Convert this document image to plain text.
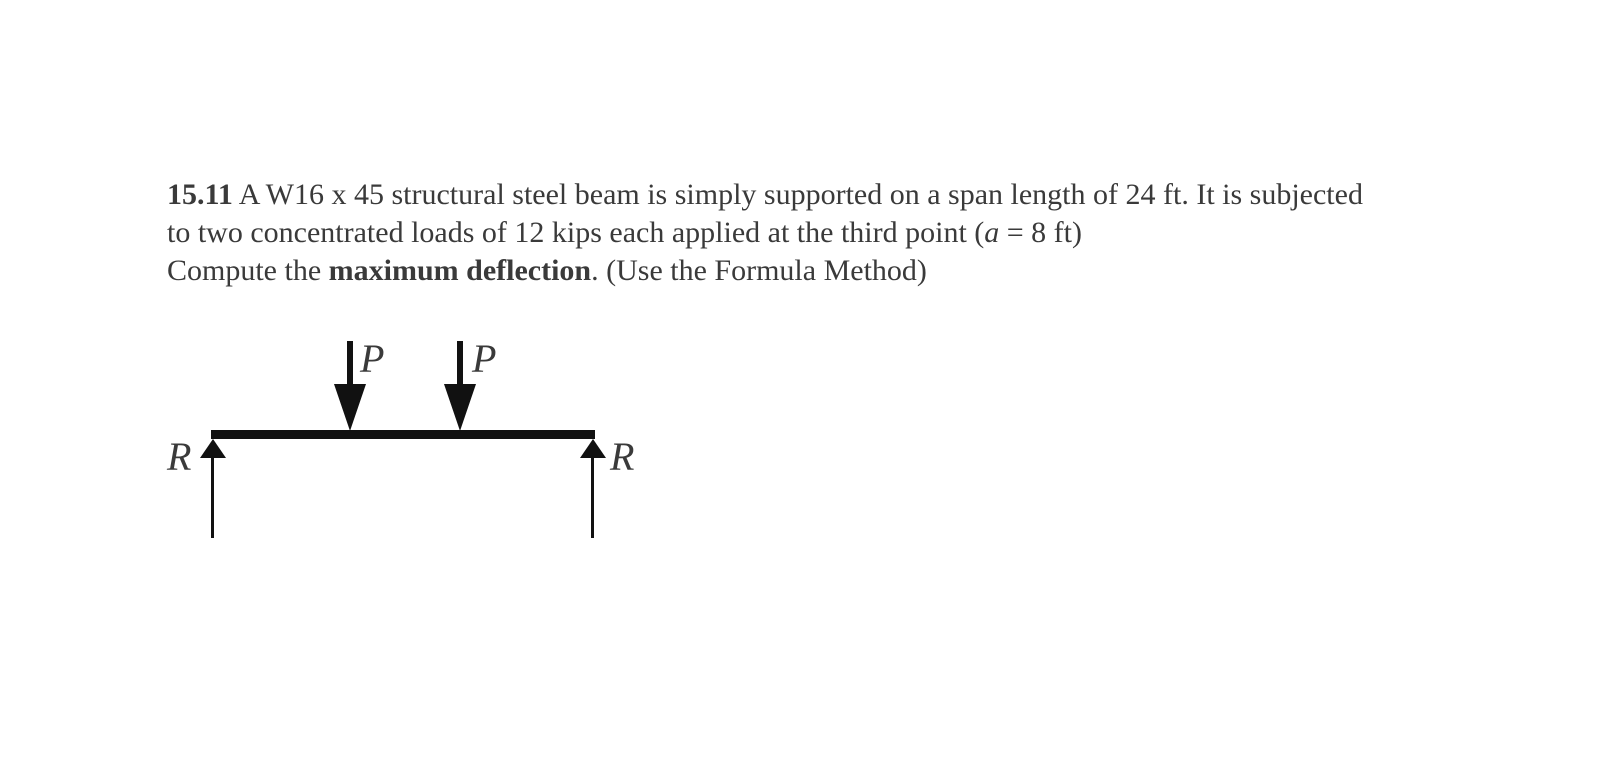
15.11 A W16 x 45 structural steel beam is simply supported on a span length of 24 ft. It is subjected

to two concentrated loads of 12 kips each applied at the third point (a = 8 ft)

Compute the maximum deflection. (Use the Formula Method)

P P
R	R
